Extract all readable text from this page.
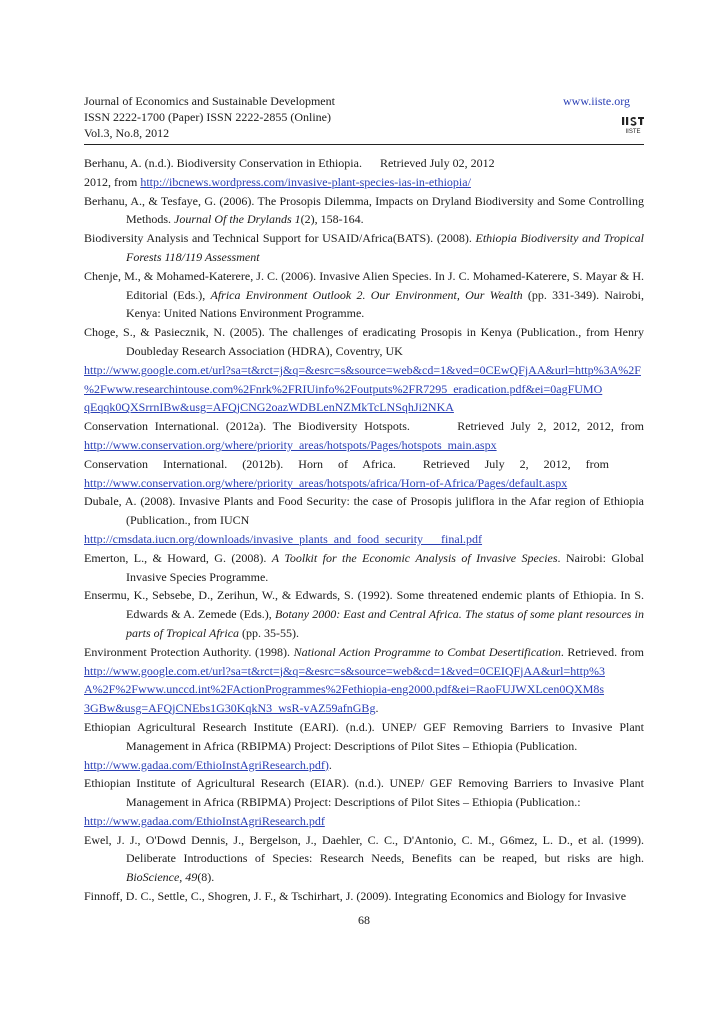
Journal of Economics and Sustainable Development
ISSN 2222-1700 (Paper) ISSN 2222-2855 (Online)
Vol.3, No.8, 2012
www.iiste.org
IISTE
Berhanu, A. (n.d.). Biodiversity Conservation in Ethiopia.      Retrieved July 02, 2012
2012, from http://ibcnews.wordpress.com/invasive-plant-species-ias-in-ethiopia/
Berhanu, A., & Tesfaye, G. (2006). The Prosopis Dilemma, Impacts on Dryland Biodiversity and Some Controlling Methods. Journal Of the Drylands 1(2), 158-164.
Biodiversity Analysis and Technical Support for USAID/Africa(BATS). (2008). Ethiopia Biodiversity and Tropical Forests 118/119 Assessment
Chenje, M., & Mohamed-Katerere, J. C. (2006). Invasive Alien Species. In J. C. Mohamed-Katerere, S. Mayar & H. Editorial (Eds.), Africa Environment Outlook 2. Our Environment, Our Wealth (pp. 331-349). Nairobi, Kenya: United Nations Environment Programme.
Choge, S., & Pasiecznik, N. (2005). The challenges of eradicating Prosopis in Kenya (Publication., from Henry Doubleday Research Association (HDRA), Coventry, UK
http://www.google.com.et/url?sa=t&rct=j&q=&esrc=s&source=web&cd=1&ved=0CEwQFjAA&url=http%3A%2F
%2Fwww.researchintouse.com%2Fnrk%2FRIUinfo%2Foutputs%2FR7295_eradication.pdf&ei=0agFUMO
qEqqk0QXSrrnIBw&usg=AFQjCNG2oazWDBLenNZMkTcLNSqhJi2NKA
Conservation International. (2012a). The Biodiversity Hotspots.       Retrieved July 2, 2012, 2012, from
http://www.conservation.org/where/priority_areas/hotspots/Pages/hotspots_main.aspx
Conservation     International.     (2012b).     Horn     of     Africa.         Retrieved     July     2,     2012,     from
http://www.conservation.org/where/priority_areas/hotspots/africa/Horn-of-Africa/Pages/default.aspx
Dubale, A. (2008). Invasive Plants and Food Security: the case of Prosopis juliflora in the Afar region of Ethiopia (Publication., from IUCN
http://cmsdata.iucn.org/downloads/invasive_plants_and_food_security___final.pdf
Emerton, L., & Howard, G. (2008). A Toolkit for the Economic Analysis of Invasive Species. Nairobi: Global Invasive Species Programme.
Ensermu, K., Sebsebe, D., Zerihun, W., & Edwards, S. (1992). Some threatened endemic plants of Ethiopia. In S. Edwards & A. Zemede (Eds.), Botany 2000: East and Central Africa. The status of some plant resources in parts of Tropical Africa (pp. 35-55).
Environment Protection Authority. (1998). National Action Programme to Combat Desertification. Retrieved. from
http://www.google.com.et/url?sa=t&rct=j&q=&esrc=s&source=web&cd=1&ved=0CEIQFjAA&url=http%3
A%2F%2Fwww.unccd.int%2FActionProgrammes%2Fethiopia-eng2000.pdf&ei=RaoFUJWXLcen0QXM8s
3GBw&usg=AFQjCNEbs1G30KqkN3_wsR-vAZ59afnGBg.
Ethiopian Agricultural Research Institute (EARI). (n.d.). UNEP/ GEF Removing Barriers to Invasive Plant Management in Africa (RBIPMA) Project: Descriptions of Pilot Sites – Ethiopia (Publication.
http://www.gadaa.com/EthioInstAgriResearch.pdf).
Ethiopian Institute of Agricultural Research (EIAR). (n.d.). UNEP/ GEF Removing Barriers to Invasive Plant Management in Africa (RBIPMA) Project: Descriptions of Pilot Sites – Ethiopia (Publication.:
http://www.gadaa.com/EthioInstAgriResearch.pdf
Ewel, J. J., O'Dowd Dennis, J., Bergelson, J., Daehler, C. C., D'Antonio, C. M., G6mez, L. D., et al. (1999). Deliberate Introductions of Species: Research Needs, Benefits can be reaped, but risks are high. BioScience, 49(8).
Finnoff, D. C., Settle, C., Shogren, J. F., & Tschirhart, J. (2009). Integrating Economics and Biology for Invasive
68
